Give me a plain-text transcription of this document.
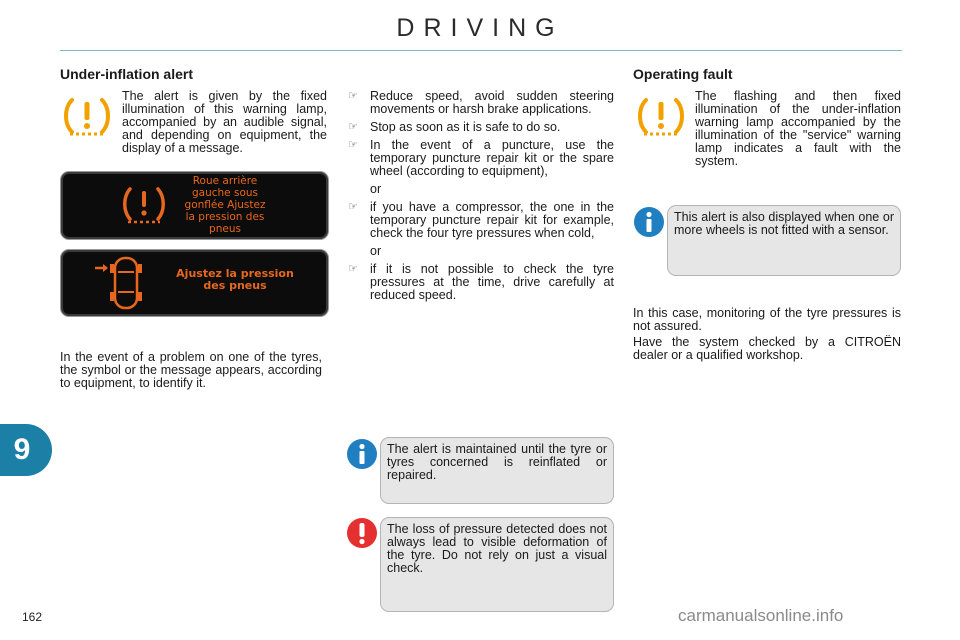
DRIVING
Under-inflation alert
The alert is given by the fixed illumination of this warning lamp, accompanied by an audible signal, and depending on equipment, the display of a message.
Roue arrière
gauche sous
gonflée Ajustez
la pression des
pneus
Ajustez la pression
des pneus
In the event of a problem on one of the tyres, the symbol or the message appears, according to equipment, to identify it.
☞ Reduce speed, avoid sudden steering movements or harsh brake applications.
☞ Stop as soon as it is safe to do so.
☞ In the event of a puncture, use the temporary puncture repair kit or the spare wheel (according to equipment),
or
☞ if you have a compressor, the one in the temporary puncture repair kit for example, check the four tyre pressures when cold,
or
☞ if it is not possible to check the tyre pressures at the time, drive carefully at reduced speed.
The alert is maintained until the tyre or tyres concerned is reinflated or repaired.
The loss of pressure detected does not always lead to visible deformation of the tyre. Do not rely on just a visual check.
Operating fault
The flashing and then fixed illumination of the under-inflation warning lamp accompanied by the illumination of the "service" warning lamp indicates a fault with the system.
This alert is also displayed when one or more wheels is not fitted with a sensor.
In this case, monitoring of the tyre pressures is not assured.
Have the system checked by a CITROËN dealer or a qualified workshop.
9
162	carmanualsonline.info
